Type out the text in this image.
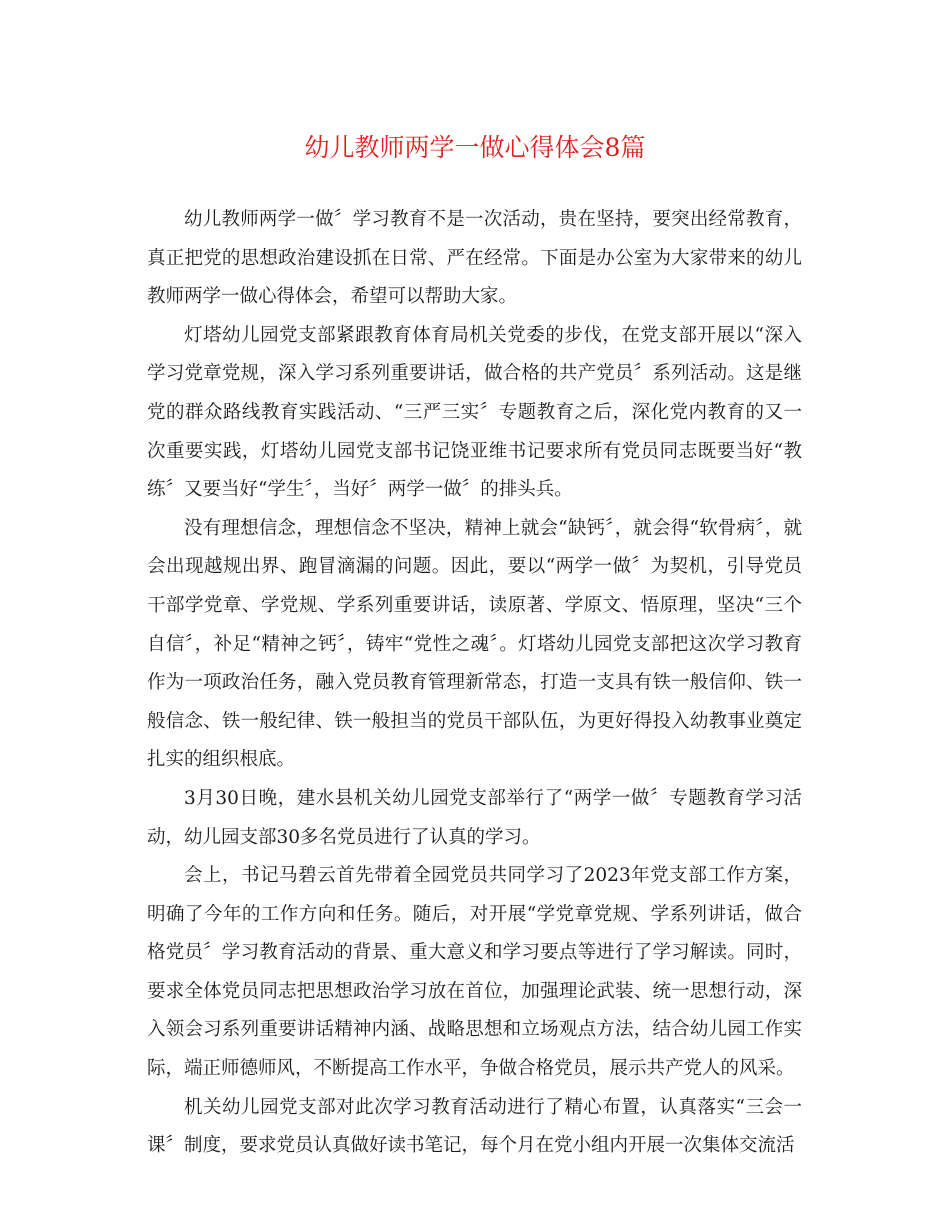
幼儿教师两学一做心得体会8篇

幼儿教师两学一做〞学习教育不是一次活动，贵在坚持，要突出经常教育，真正把党的思想政治建设抓在日常、严在经常。下面是办公室为大家带来的幼儿教师两学一做心得体会，希望可以帮助大家。

灯塔幼儿园党支部紧跟教育体育局机关党委的步伐，在党支部开展以“深入学习党章党规，深入学习系列重要讲话，做合格的共产党员〞系列活动。这是继党的群众路线教育实践活动、“三严三实〞专题教育之后，深化党内教育的又一次重要实践，灯塔幼儿园党支部书记饶亚维书记要求所有党员同志既要当好“教练〞又要当好“学生〞，当好〞两学一做〞的排头兵。

没有理想信念，理想信念不坚决，精神上就会“缺钙〞，就会得“软骨病〞，就会出现越规出界、跑冒滴漏的问题。因此，要以“两学一做〞为契机，引导党员干部学党章、学党规、学系列重要讲话，读原著、学原文、悟原理，坚决“三个自信〞，补足“精神之钙〞，铸牢“党性之魂〞。灯塔幼儿园党支部把这次学习教育作为一项政治任务，融入党员教育管理新常态，打造一支具有铁一般信仰、铁一般信念、铁一般纪律、铁一般担当的党员干部队伍，为更好得投入幼教事业奠定扎实的组织根底。

3月30日晚，建水县机关幼儿园党支部举行了“两学一做〞专题教育学习活动，幼儿园支部30多名党员进行了认真的学习。

会上，书记马碧云首先带着全园党员共同学习了2023年党支部工作方案，明确了今年的工作方向和任务。随后，对开展“学党章党规、学系列讲话，做合格党员〞学习教育活动的背景、重大意义和学习要点等进行了学习解读。同时，要求全体党员同志把思想政治学习放在首位，加强理论武装、统一思想行动，深入领会习系列重要讲话精神内涵、战略思想和立场观点方法，结合幼儿园工作实际，端正师德师风，不断提高工作水平，争做合格党员，展示共产党人的风采。

机关幼儿园党支部对此次学习教育活动进行了精心布置，认真落实“三会一课〞制度，要求党员认真做好读书笔记，每个月在党小组内开展一次集体交流活
